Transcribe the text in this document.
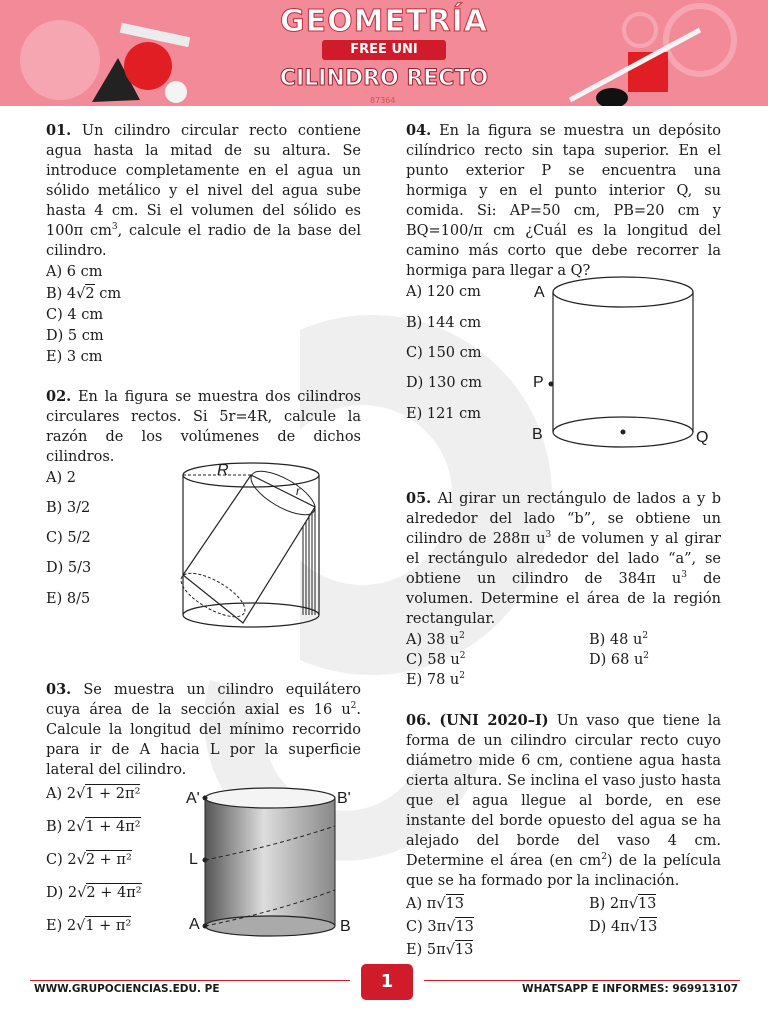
GEOMETRÍA
FREE UNI
CILINDRO RECTO
87364
01. Un cilindro circular recto contiene agua hasta la mitad de su altura. Se introduce completamente en el agua un sólido metálico y el nivel del agua sube hasta 4 cm. Si el volumen del sólido es 100π $cm^3$, calcule el radio de la base del cilindro.
A) 6 cm
B) 4√2 cm
C) 4 cm
D) 5 cm
E) 3 cm
02. En la figura se muestra dos cilindros circulares rectos. Si 5r=4R, calcule la razón de los volúmenes de dichos cilindros.
A) 2
B) 3/2
C) 5/2
D) 5/3
E) 8/5
R
r
03. Se muestra un cilindro equilátero cuya área de la sección axial es 16 $u^2$. Calcule la longitud del mínimo recorrido para ir de A hacia L por la superficie lateral del cilindro.
A) 2√1 + 2π²
B) 2√1 + 4π²
C) 2√2 + π²
D) 2√2 + 4π²
E) 2√1 + π²
A'	B'
L
A	B
04. En la figura se muestra un depósito cilíndrico recto sin tapa superior. En el punto exterior P se encuentra una hormiga y en el punto interior Q, su comida. Si: AP=50 cm, PB=20 cm y BQ=100/π cm ¿Cuál es la longitud del camino más corto que debe recorrer la hormiga para llegar a Q?
A) 120 cm
B) 144 cm
C) 150 cm
D) 130 cm
E) 121 cm
A
P
B	Q
05. Al girar un rectángulo de lados a y b alrededor del lado “b”, se obtiene un cilindro de 288π $u^3$ de volumen y al girar el rectángulo alrededor del lado “a”, se obtiene un cilindro de 384π $u^3$ de volumen. Determine el área de la región rectangular.
A) 38 $u^2$	B) 48 $u^2$
C) 58 $u^2$	D) 68 $u^2$
E) 78 $u^2$
06. (UNI 2020–I) Un vaso que tiene la forma de un cilindro circular recto cuyo diámetro mide 6 cm, contiene agua hasta cierta altura. Se inclina el vaso justo hasta que el agua llegue al borde, en ese instante del borde opuesto del agua se ha alejado del borde del vaso 4 cm. Determine el área (en $cm^2$) de la película que se ha formado por la inclinación.
A) π√13	B) 2π√13
C) 3π√13	D) 4π√13
E) 5π√13
WWW.GRUPOCIENCIAS.EDU. PE	1	WHATSAPP E INFORMES: 969913107
